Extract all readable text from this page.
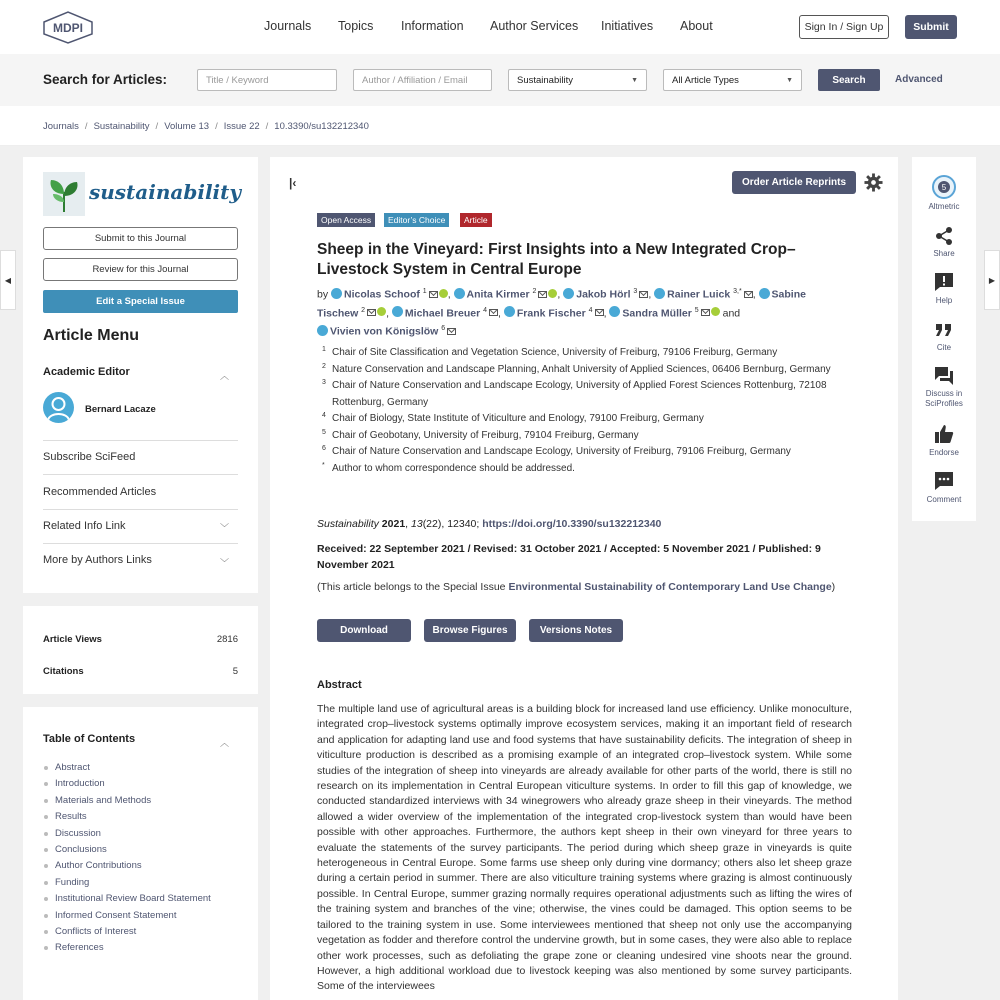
MDPI	Journals Topics Information Author Services Initiatives About	Sign In / Sign Up	Submit
Search for Articles:	Title / Keyword	Author / Affiliation / Email	Sustainability	▼	All Article Types	▼	Search	Advanced
Journals / Sustainability / Volume 13 / Issue 22 / 10.3390/su132212340
sustainability
Submit to this Journal
Review for this Journal
Edit a Special Issue
Article Menu
Academic Editor	︿
Bernard Lacaze
Subscribe SciFeed
Recommended Articles
Related Info Link	﹀
More by Authors Links	﹀
Article Views	2816
Citations	5
Table of Contents	︿
Abstract
Introduction
Materials and Methods
Results
Discussion
Conclusions
Author Contributions
Funding
Institutional Review Board Statement
Informed Consent Statement
Conflicts of Interest
References
|‹	Order Article Reprints
Open Access	Editor’s Choice	Article
Sheep in the Vineyard: First Insights into a New Integrated Crop–Livestock System in Central Europe
by Nicolas Schoof $^1$ , Anita Kirmer $^2$ , Jakob Hörl $^3$ , Rainer Luick $^{3,*}$ , Sabine Tischew $^2$ , Michael Breuer $^4$ , Frank Fischer $^4$ , Sandra Müller $^5$ and
Vivien von Königslöw $^6$
1 Chair of Site Classification and Vegetation Science, University of Freiburg, 79106 Freiburg, Germany
2 Nature Conservation and Landscape Planning, Anhalt University of Applied Sciences, 06406 Bernburg, Germany
3 Chair of Nature Conservation and Landscape Ecology, University of Applied Forest Sciences Rottenburg, 72108 Rottenburg, Germany
4 Chair of Biology, State Institute of Viticulture and Enology, 79100 Freiburg, Germany
5 Chair of Geobotany, University of Freiburg, 79104 Freiburg, Germany
6 Chair of Nature Conservation and Landscape Ecology, University of Freiburg, 79106 Freiburg, Germany
* Author to whom correspondence should be addressed.
Sustainability 2021, 13(22), 12340; https://doi.org/10.3390/su132212340
Received: 22 September 2021 / Revised: 31 October 2021 / Accepted: 5 November 2021 / Published: 9 November 2021
(This article belongs to the Special Issue Environmental Sustainability of Contemporary Land Use Change)
Download	Browse Figures	Versions Notes
Abstract
The multiple land use of agricultural areas is a building block for increased land use efficiency. Unlike monoculture, integrated crop–livestock systems optimally improve ecosystem services, making it an important field of research and application for adapting land use and food systems that have sustainability deficits. The integration of sheep in viticulture production is described as a promising example of an integrated crop–livestock system. While some studies of the integration of sheep into vineyards are already available for other parts of the world, there is still no research on its implementation in Central European viticulture systems. In order to fill this gap of knowledge, we conducted standardized interviews with 34 winegrowers who already graze sheep in their vineyards. The method allowed a wider overview of the implementation of the integrated crop-livestock system than would have been possible with other approaches. Furthermore, the authors kept sheep in their own vineyard for three years to evaluate the statements of the survey participants. The period during which sheep graze in vineyards is quite heterogeneous in Central Europe. Some farms use sheep only during vine dormancy; others also let sheep graze during a certain period in summer. There are also viticulture training systems where grazing is almost continuously possible. In Central Europe, summer grazing normally requires operational adjustments such as lifting the wires of the training system and branches of the vine; otherwise, the vines could be damaged. This option seems to be tailored to the training system in use. Some interviewees mentioned that sheep not only use the accompanying vegetation as fodder and therefore control the undervine growth, but in some cases, they were also able to replace other work processes, such as defoliating the grape zone or cleaning undesired vine shoots near the ground. However, a high additional workload due to livestock keeping was also mentioned by some survey participants. Some of the interviewees
5
Altmetric
Share
Help
Cite
Discuss in SciProfiles
Endorse
Comment
◀	▶
